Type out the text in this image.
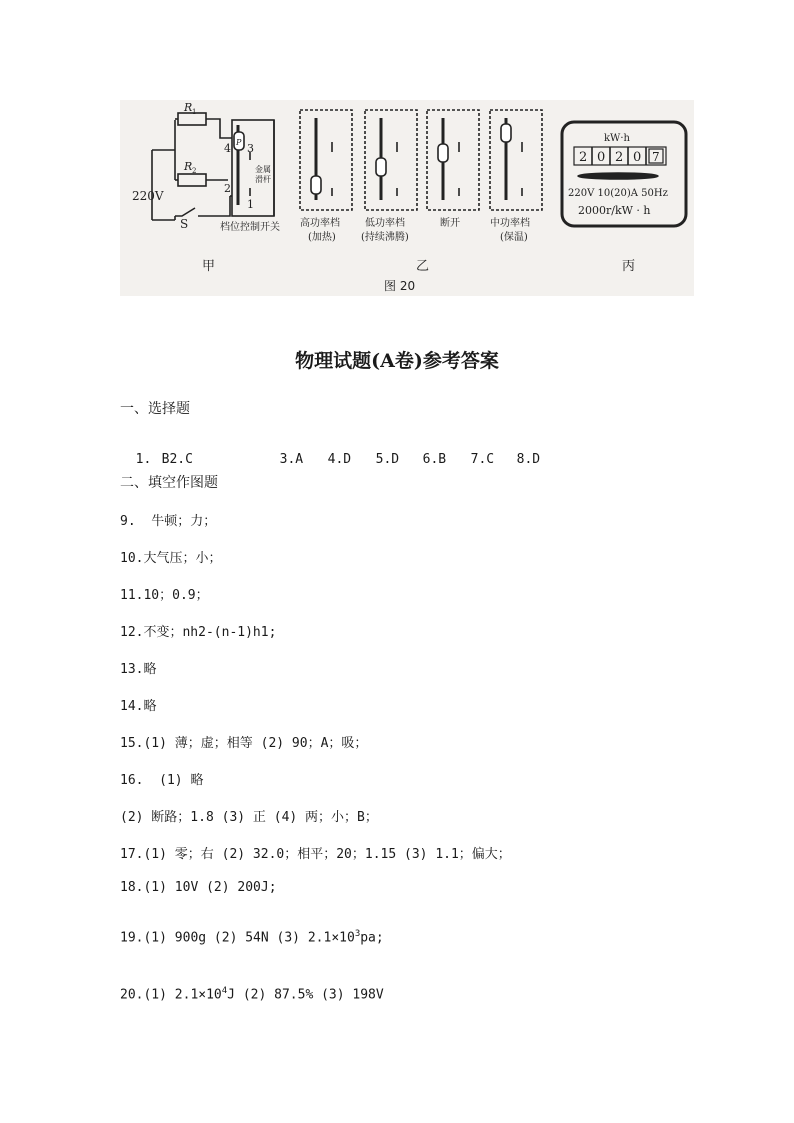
R 1
R 2
220V
S
4 3
2
1
P
金属
滑杆
档位控制开关
甲
高功率档
(加热)
低功率档
(持续沸腾)
断开	中功率档
(保温)
乙
kW·h
2 0 2 0 7
220V 10(20)A 50Hz
2000r/kW · h
丙
图 20
物理试题(A卷)参考答案
一、选择题

1. B2.C	3.A 4.D 5.D 6.B 7.C 8.D

二、填空作图题
9.  牛顿；力；
10.大气压；小；
11.10；0.9；
12.不变；nh2-(n-1)h1;
13.略
14.略
15.(1) 薄；虚；相等 (2) 90；A；吸；
16.  (1) 略
(2) 断路；1.8 (3) 正 (4) 两；小；B；
17.(1) 零；右 (2) 32.0；相平；20；1.15 (3) 1.1；偏大；
18.(1) 10V (2) 200J;
19.(1) 900g (2) 54N (3) $2.1\times 10^3pa$;
20.(1) $2.1\times 10^4J$ (2) 87.5% (3) 198V
